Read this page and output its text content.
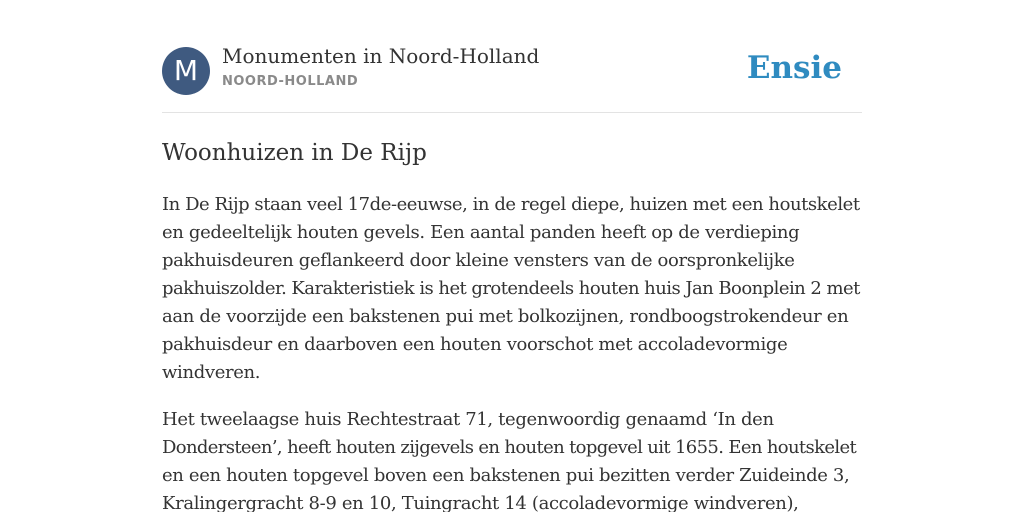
M	Monumenten in Noord-Holland
NOORD-HOLLAND	Ensie
Woonhuizen in De Rijp

In De Rijp staan veel 17de-eeuwse, in de regel diepe, huizen met een houtskelet
en gedeeltelijk houten gevels. Een aantal panden heeft op de verdieping
pakhuisdeuren geflankeerd door kleine vensters van de oorspronkelijke
pakhuiszolder. Karakteristiek is het grotendeels houten huis Jan Boonplein 2 met
aan de voorzijde een bakstenen pui met bolkozijnen, rondboogstrokendeur en
pakhuisdeur en daarboven een houten voorschot met accoladevormige
windveren.

Het tweelaagse huis Rechtestraat 71, tegenwoordig genaamd ‘In den
Dondersteen’, heeft houten zijgevels en houten topgevel uit 1655. Een houtskelet
en een houten topgevel boven een bakstenen pui bezitten verder Zuideinde 3,
Kralingergracht 8-9 en 10, Tuingracht 14 (accoladevormige windveren),
